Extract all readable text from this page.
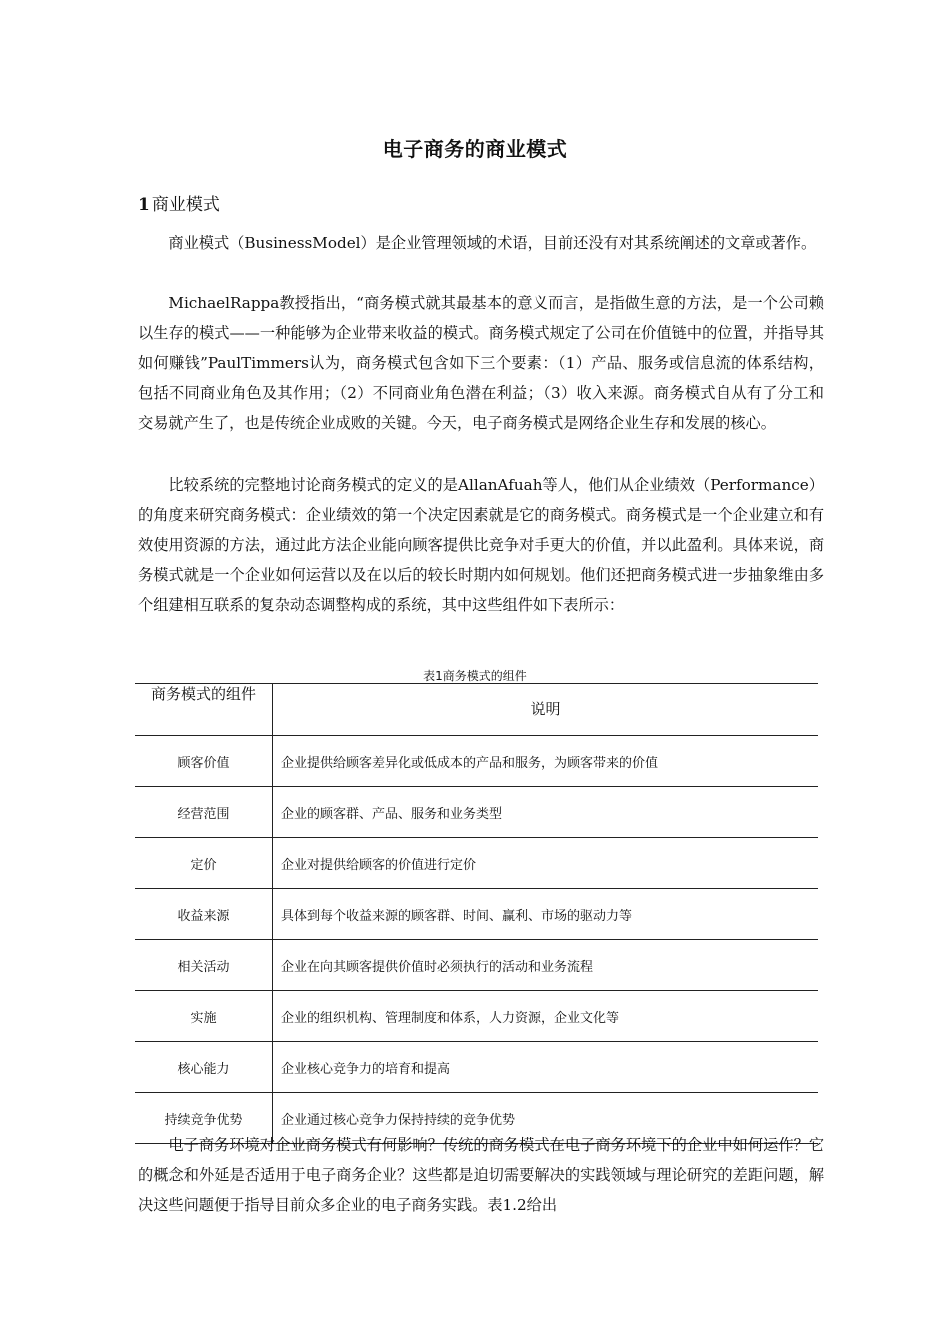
电子商务的商业模式
1 商业模式

商业模式（BusinessModel）是企业管理领域的术语，目前还没有对其系统阐述的文章或著作。

MichaelRappa教授指出，“商务模式就其最基本的意义而言，是指做生意的方法，是一个公司赖以生存的模式——一种能够为企业带来收益的模式。商务模式规定了公司在价值链中的位置，并指导其如何赚钱”PaulTimmers认为，商务模式包含如下三个要素：（1）产品、服务或信息流的体系结构，包括不同商业角色及其作用；（2）不同商业角色潜在利益；（3）收入来源。商务模式自从有了分工和交易就产生了，也是传统企业成败的关键。今天，电子商务模式是网络企业生存和发展的核心。

比较系统的完整地讨论商务模式的定义的是AllanAfuah等人，他们从企业绩效（Performance）的角度来研究商务模式：企业绩效的第一个决定因素就是它的商务模式。商务模式是一个企业建立和有效使用资源的方法，通过此方法企业能向顾客提供比竞争对手更大的价值，并以此盈利。具体来说，商务模式就是一个企业如何运营以及在以后的较长时期内如何规划。他们还把商务模式进一步抽象维由多个组建相互联系的复杂动态调整构成的系统，其中这些组件如下表所示：

表1商务模式的组件
商务模式的组件	说明
顾客价值	企业提供给顾客差异化或低成本的产品和服务，为顾客带来的价值
经营范围	企业的顾客群、产品、服务和业务类型
定价	企业对提供给顾客的价值进行定价
收益来源	具体到每个收益来源的顾客群、时间、赢利、市场的驱动力等
相关活动	企业在向其顾客提供价值时必须执行的活动和业务流程
实施	企业的组织机构、管理制度和体系，人力资源，企业文化等
核心能力	企业核心竞争力的培育和提高
持续竞争优势	企业通过核心竞争力保持持续的竞争优势

电子商务环境对企业商务模式有何影响？传统的商务模式在电子商务环境下的企业中如何运作？它的概念和外延是否适用于电子商务企业？这些都是迫切需要解决的实践领域与理论研究的差距问题，解决这些问题便于指导目前众多企业的电子商务实践。表1.2给出
